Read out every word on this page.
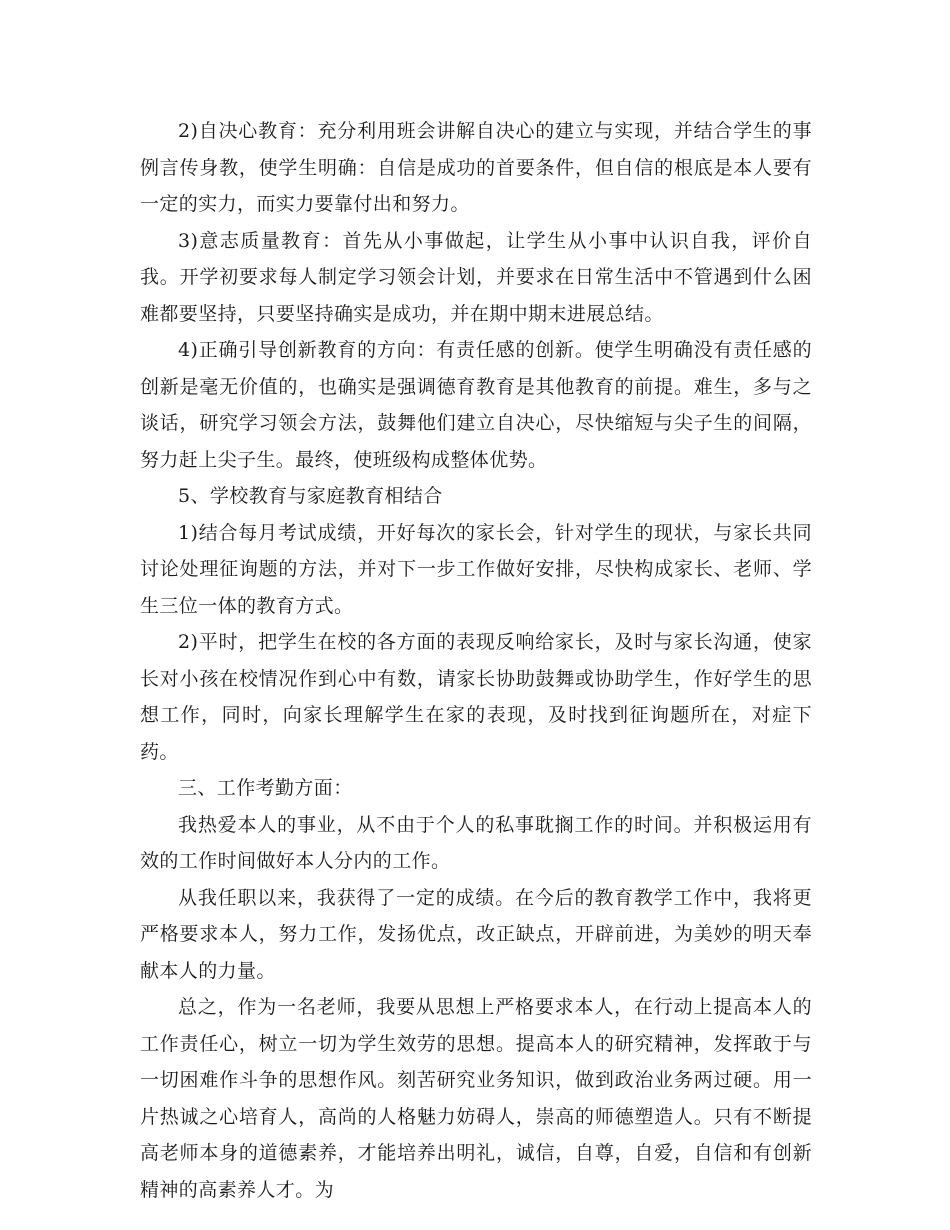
2)自决心教育：充分利用班会讲解自决心的建立与实现，并结合学生的事例言传身教，使学生明确：自信是成功的首要条件，但自信的根底是本人要有一定的实力，而实力要靠付出和努力。

3)意志质量教育：首先从小事做起，让学生从小事中认识自我，评价自我。开学初要求每人制定学习领会计划，并要求在日常生活中不管遇到什么困难都要坚持，只要坚持确实是成功，并在期中期末进展总结。

4)正确引导创新教育的方向：有责任感的创新。使学生明确没有责任感的创新是毫无价值的，也确实是强调德育教育是其他教育的前提。难生，多与之谈话，研究学习领会方法，鼓舞他们建立自决心，尽快缩短与尖子生的间隔，努力赶上尖子生。最终，使班级构成整体优势。

5、学校教育与家庭教育相结合

1)结合每月考试成绩，开好每次的家长会，针对学生的现状，与家长共同讨论处理征询题的方法，并对下一步工作做好安排，尽快构成家长、老师、学生三位一体的教育方式。

2)平时，把学生在校的各方面的表现反响给家长，及时与家长沟通，使家长对小孩在校情况作到心中有数，请家长协助鼓舞或协助学生，作好学生的思想工作，同时，向家长理解学生在家的表现，及时找到征询题所在，对症下药。

三、工作考勤方面：

我热爱本人的事业，从不由于个人的私事耽搁工作的时间。并积极运用有效的工作时间做好本人分内的工作。

从我任职以来，我获得了一定的成绩。在今后的教育教学工作中，我将更严格要求本人，努力工作，发扬优点，改正缺点，开辟前进，为美妙的明天奉献本人的力量。

总之，作为一名老师，我要从思想上严格要求本人，在行动上提高本人的工作责任心，树立一切为学生效劳的思想。提高本人的研究精神，发挥敢于与一切困难作斗争的思想作风。刻苦研究业务知识，做到政治业务两过硬。用一片热诚之心培育人，高尚的人格魅力妨碍人，崇高的师德塑造人。只有不断提高老师本身的道德素养，才能培养出明礼，诚信，自尊，自爱，自信和有创新精神的高素养人才。为
